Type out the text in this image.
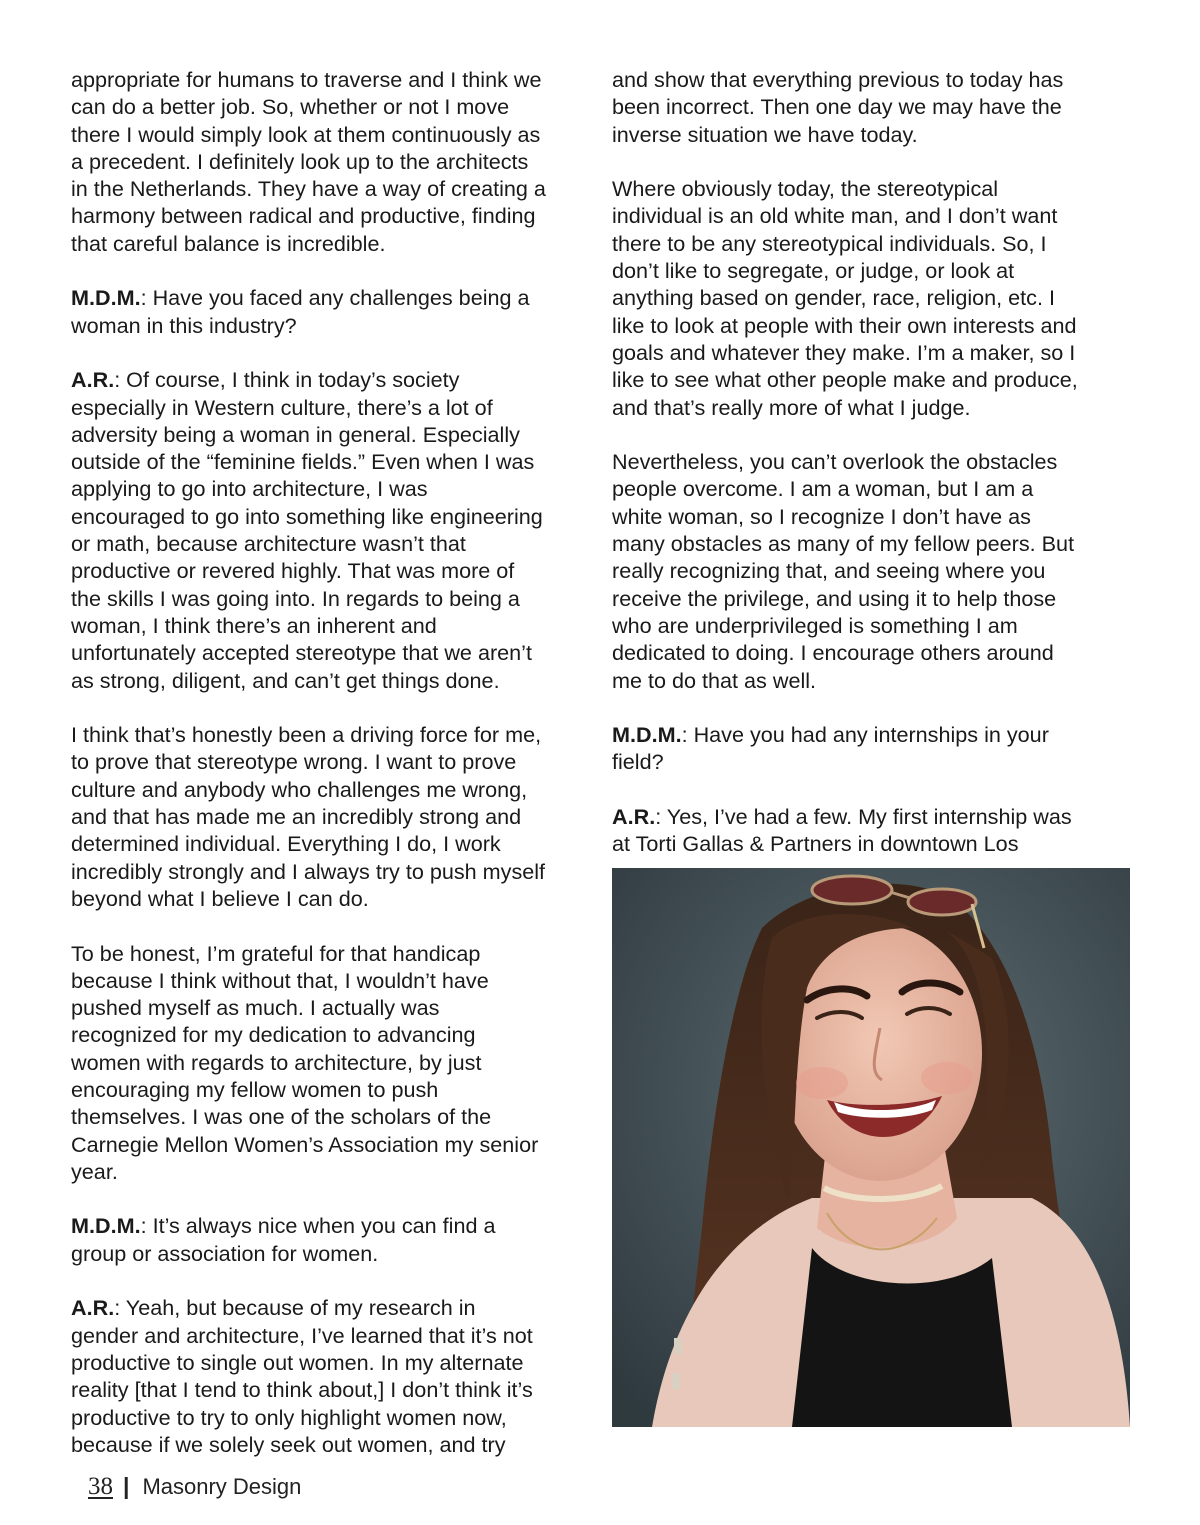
appropriate for humans to traverse and I think we
can do a better job. So, whether or not I move
there I would simply look at them continuously as
a precedent. I definitely look up to the architects
in the Netherlands. They have a way of creating a
harmony between radical and productive, finding
that careful balance is incredible.

M.D.M.: Have you faced any challenges being a
woman in this industry?

A.R.: Of course, I think in today’s society
especially in Western culture, there’s a lot of
adversity being a woman in general. Especially
outside of the “feminine fields.” Even when I was
applying to go into architecture, I was
encouraged to go into something like engineering
or math, because architecture wasn’t that
productive or revered highly. That was more of
the skills I was going into. In regards to being a
woman, I think there’s an inherent and
unfortunately accepted stereotype that we aren’t
as strong, diligent, and can’t get things done.

I think that’s honestly been a driving force for me,
to prove that stereotype wrong. I want to prove
culture and anybody who challenges me wrong,
and that has made me an incredibly strong and
determined individual. Everything I do, I work
incredibly strongly and I always try to push myself
beyond what I believe I can do.

To be honest, I’m grateful for that handicap
because I think without that, I wouldn’t have
pushed myself as much. I actually was
recognized for my dedication to advancing
women with regards to architecture, by just
encouraging my fellow women to push
themselves. I was one of the scholars of the
Carnegie Mellon Women’s Association my senior
year.

M.D.M.: It’s always nice when you can find a
group or association for women.

A.R.: Yeah, but because of my research in
gender and architecture, I’ve learned that it’s not
productive to single out women. In my alternate
reality [that I tend to think about,] I don’t think it’s
productive to try to only highlight women now,
because if we solely seek out women, and try

and show that everything previous to today has
been incorrect. Then one day we may have the
inverse situation we have today.

Where obviously today, the stereotypical
individual is an old white man, and I don’t want
there to be any stereotypical individuals. So, I
don’t like to segregate, or judge, or look at
anything based on gender, race, religion, etc. I
like to look at people with their own interests and
goals and whatever they make. I’m a maker, so I
like to see what other people make and produce,
and that’s really more of what I judge.

Nevertheless, you can’t overlook the obstacles
people overcome. I am a woman, but I am a
white woman, so I recognize I don’t have as
many obstacles as many of my fellow peers. But
really recognizing that, and seeing where you
receive the privilege, and using it to help those
who are underprivileged is something I am
dedicated to doing. I encourage others around
me to do that as well.

M.D.M.: Have you had any internships in your
field?

A.R.: Yes, I’ve had a few. My first internship was
at Torti Gallas & Partners in downtown Los

38 | Masonry Design
